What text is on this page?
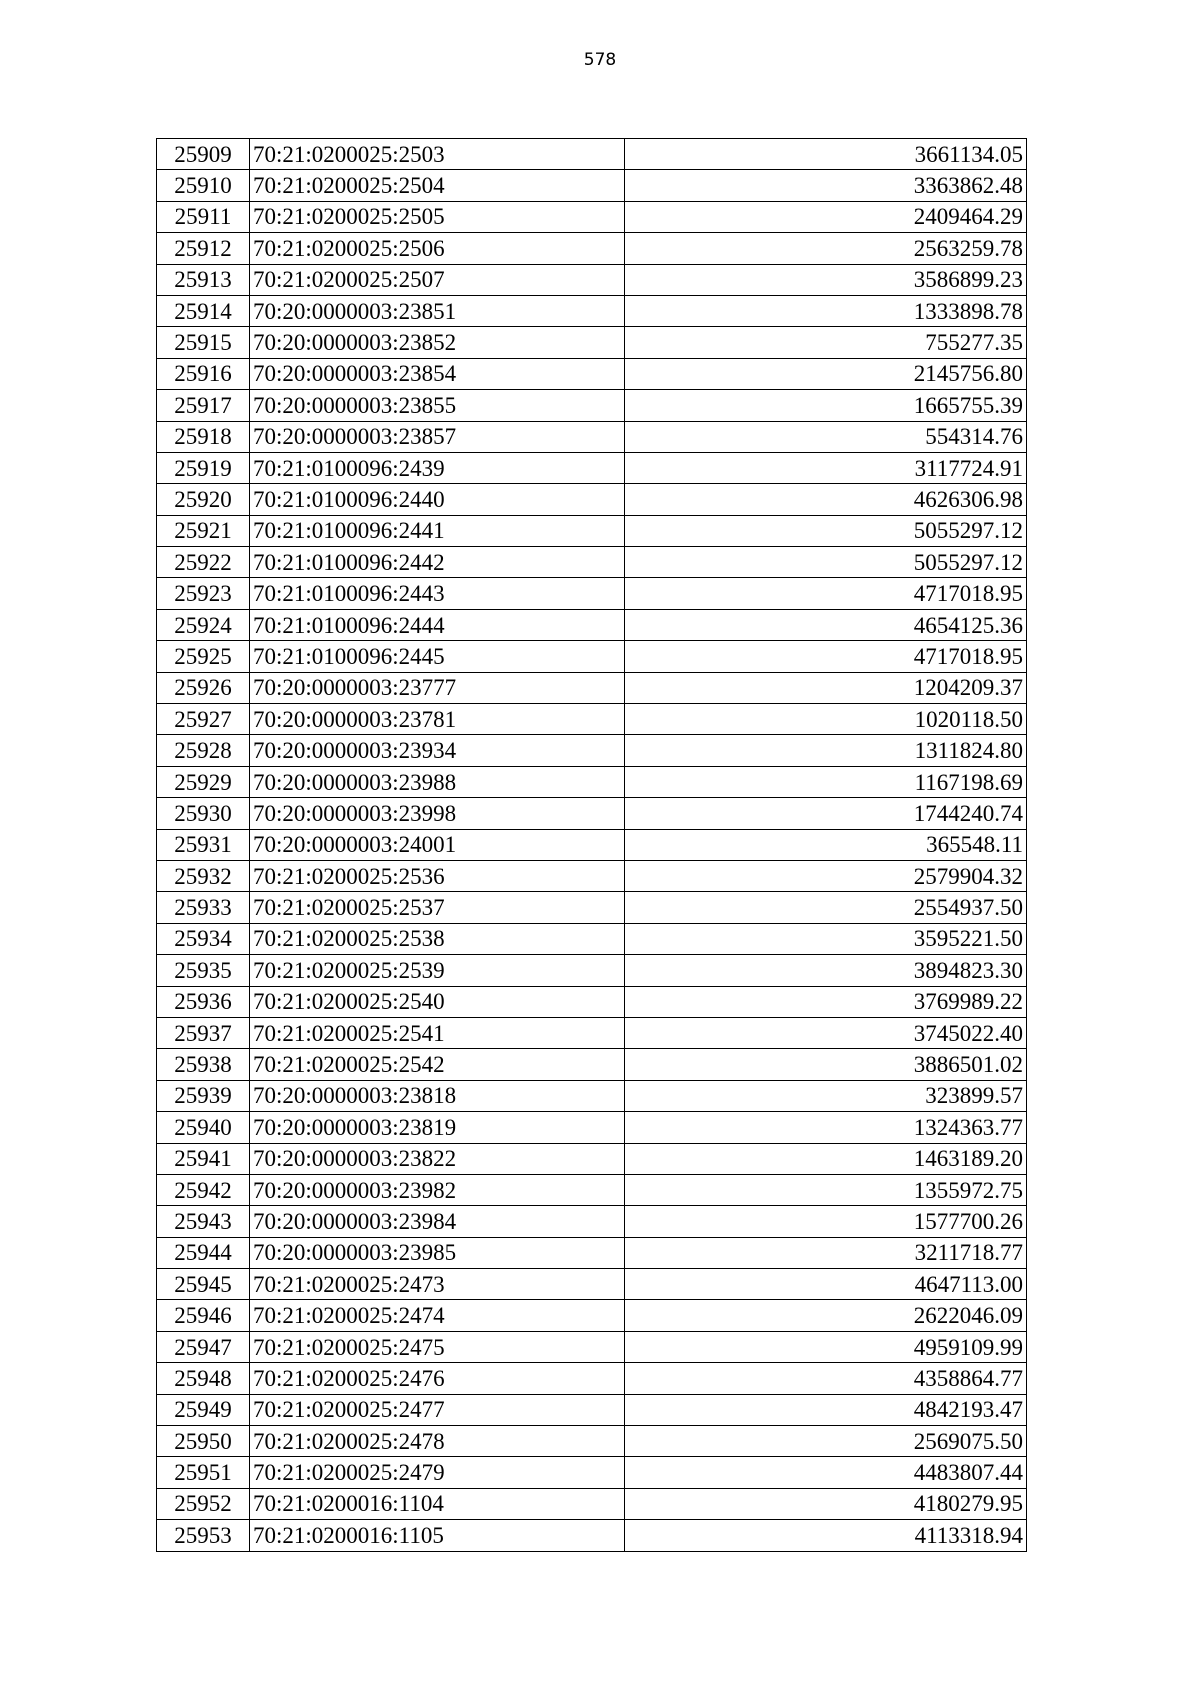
578
25909	70:21:0200025:2503	3661134.05
25910	70:21:0200025:2504	3363862.48
25911	70:21:0200025:2505	2409464.29
25912	70:21:0200025:2506	2563259.78
25913	70:21:0200025:2507	3586899.23
25914	70:20:0000003:23851	1333898.78
25915	70:20:0000003:23852	755277.35
25916	70:20:0000003:23854	2145756.80
25917	70:20:0000003:23855	1665755.39
25918	70:20:0000003:23857	554314.76
25919	70:21:0100096:2439	3117724.91
25920	70:21:0100096:2440	4626306.98
25921	70:21:0100096:2441	5055297.12
25922	70:21:0100096:2442	5055297.12
25923	70:21:0100096:2443	4717018.95
25924	70:21:0100096:2444	4654125.36
25925	70:21:0100096:2445	4717018.95
25926	70:20:0000003:23777	1204209.37
25927	70:20:0000003:23781	1020118.50
25928	70:20:0000003:23934	1311824.80
25929	70:20:0000003:23988	1167198.69
25930	70:20:0000003:23998	1744240.74
25931	70:20:0000003:24001	365548.11
25932	70:21:0200025:2536	2579904.32
25933	70:21:0200025:2537	2554937.50
25934	70:21:0200025:2538	3595221.50
25935	70:21:0200025:2539	3894823.30
25936	70:21:0200025:2540	3769989.22
25937	70:21:0200025:2541	3745022.40
25938	70:21:0200025:2542	3886501.02
25939	70:20:0000003:23818	323899.57
25940	70:20:0000003:23819	1324363.77
25941	70:20:0000003:23822	1463189.20
25942	70:20:0000003:23982	1355972.75
25943	70:20:0000003:23984	1577700.26
25944	70:20:0000003:23985	3211718.77
25945	70:21:0200025:2473	4647113.00
25946	70:21:0200025:2474	2622046.09
25947	70:21:0200025:2475	4959109.99
25948	70:21:0200025:2476	4358864.77
25949	70:21:0200025:2477	4842193.47
25950	70:21:0200025:2478	2569075.50
25951	70:21:0200025:2479	4483807.44
25952	70:21:0200016:1104	4180279.95
25953	70:21:0200016:1105	4113318.94
